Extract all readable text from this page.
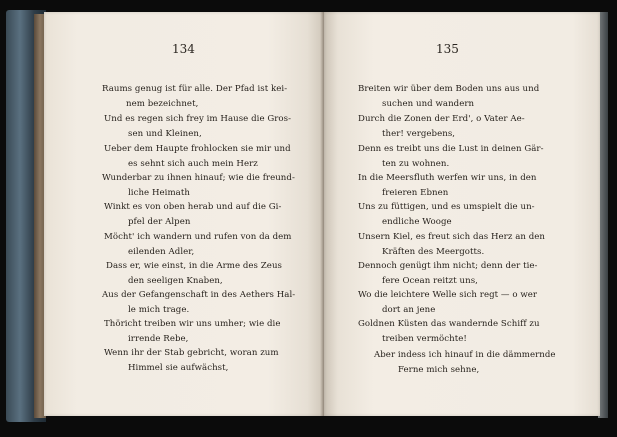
134
Raums genug ist für alle. Der Pfad ist kei-
nem bezeichnet,
Und es regen sich frey im Hause die Gros-
sen und Kleinen,
Ueber dem Haupte frohlocken sie mir und
es sehnt sich auch mein Herz
Wunderbar zu ihnen hinauf; wie die freund-
liche Heimath
Winkt es von oben herab und auf die Gi-
pfel der Alpen
Möcht' ich wandern und rufen von da dem
eilenden Adler,
Dass er, wie einst, in die Arme des Zeus
den seeligen Knaben,
Aus der Gefangenschaft in des Aethers Hal-
le mich trage.
Thöricht treiben wir uns umher; wie die
irrende Rebe,
Wenn ihr der Stab gebricht, woran zum
Himmel sie aufwächst,
135
Breiten wir über dem Boden uns aus und
suchen und wandern
Durch die Zonen der Erd', o Vater Ae-
ther! vergebens,
Denn es treibt uns die Lust in deinen Gär-
ten zu wohnen.
In die Meersfluth werfen wir uns, in den
freieren Ebnen
Uns zu füttigen, und es umspielt die un-
endliche Wooge
Unsern Kiel, es freut sich das Herz an den
Kräften des Meergotts.
Dennoch genügt ihm nicht; denn der tie-
fere Ocean reitzt uns,
Wo die leichtere Welle sich regt — o wer
dort an jene
Goldnen Küsten das wandernde Schiff zu
treiben vermöchte!
Aber indess ich hinauf in die dämmernde
Ferne mich sehne,
